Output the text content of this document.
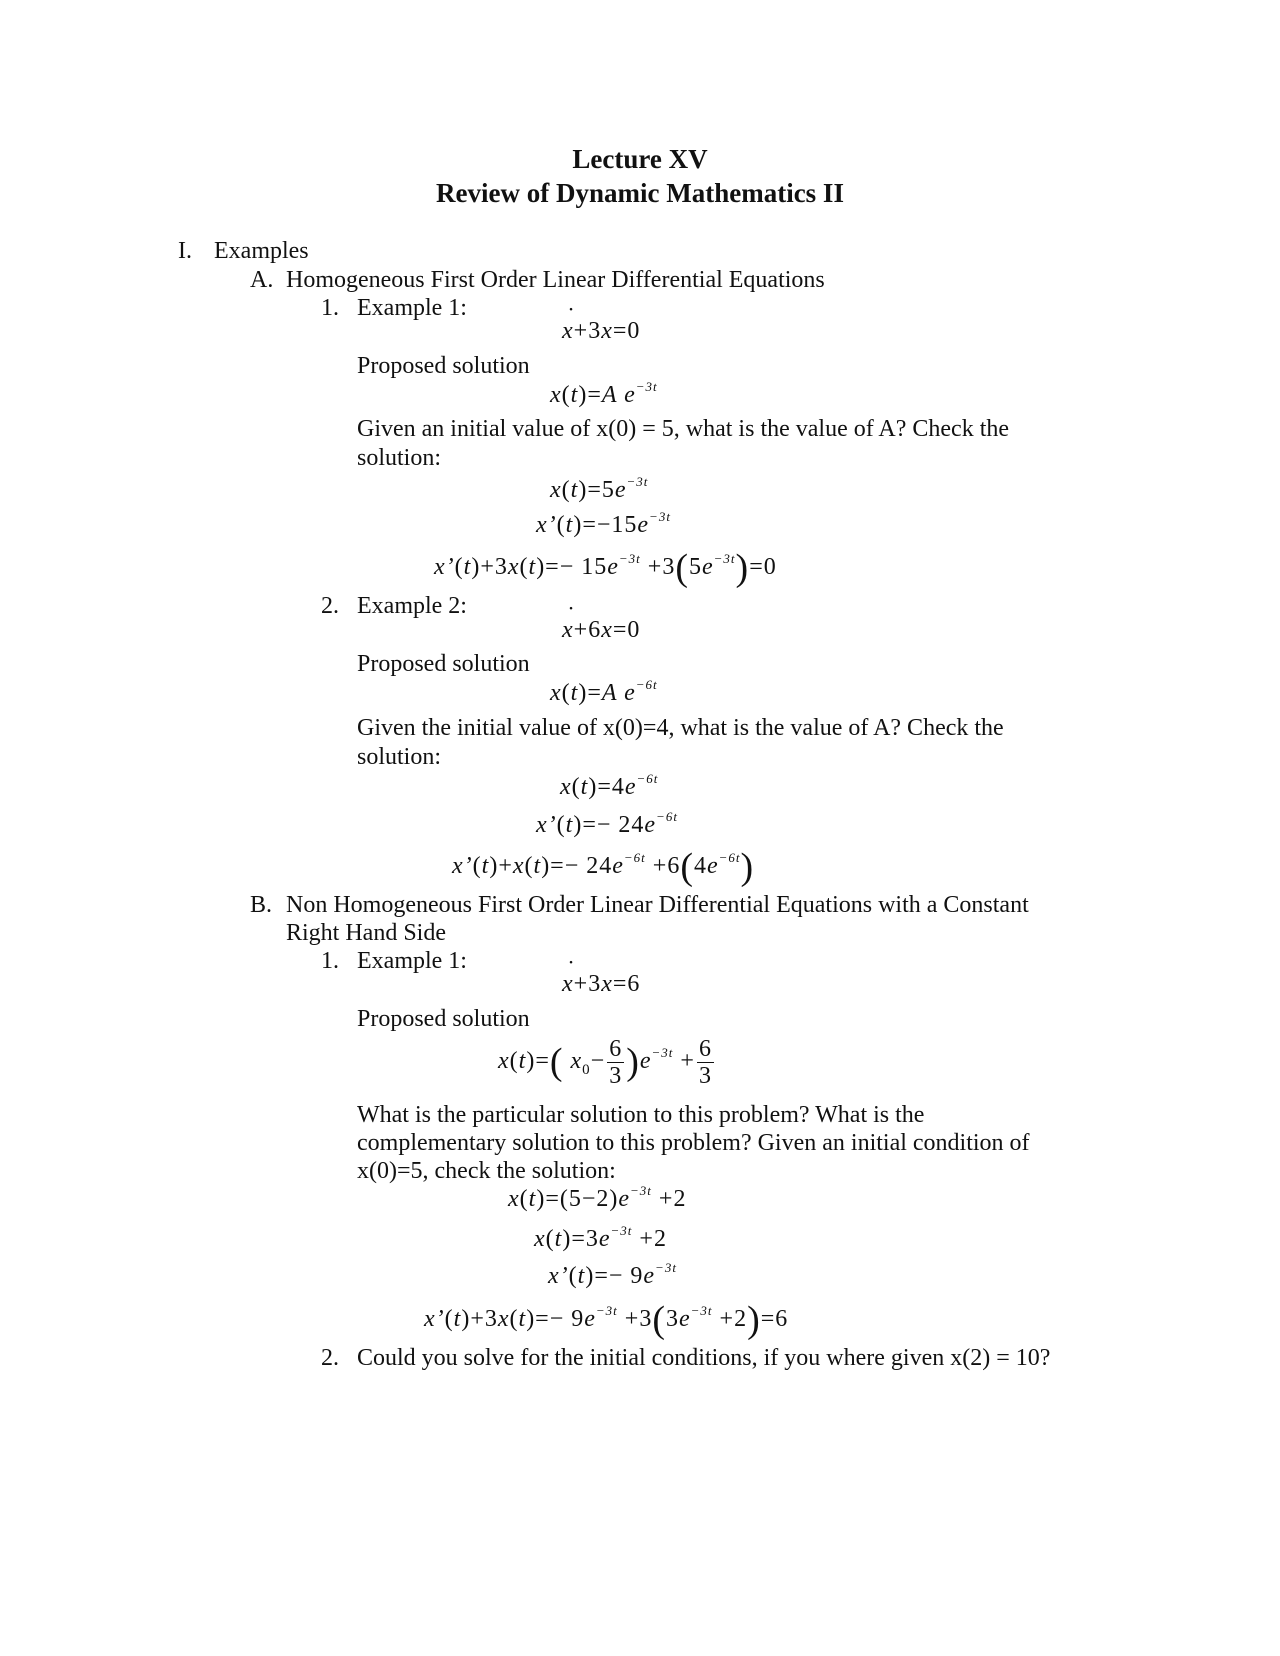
Lecture XV
Review of Dynamic Mathematics II
I. Examples
A. Homogeneous First Order Linear Differential Equations
1. Example 1:
˙ x+3x=0
Proposed solution
x(t)=A $e^{-3t}$
Given an initial value of x(0) = 5, what is the value of A? Check the
solution:
$x(t)=5e^{-3t}$
$x’(t)=-15e^{-3t}$
x’(t)+3x(t)=− $15e^{-3t} +3(5e^{-3t})=0$
2. Example 2:
˙ x+6x=0
Proposed solution
x(t)=A $e^{-6t}$
Given the initial value of x(0)=4, what is the value of A? Check the
solution:
$x(t)=4e^{-6t}$
x’(t)=− $24e^{-6t}$
x’(t)+x(t)=− $24e^{-6t} +6(4e^{-6t})$
B. Non Homogeneous First Order Linear Differential Equations with a Constant
Right Hand Side
1. Example 1:
˙ x+3x=6
Proposed solution
x(t)=( $x_0- \frac{6}{3} )e^{-3t} + \frac{6}{3}$
What is the particular solution to this problem? What is the
complementary solution to this problem? Given an initial condition of
x(0)=5, check the solution:
$x(t)=(5-2)e^{-3t} +2$
$x(t)=3e^{-3t} +2$
x’(t)=− $9e^{-3t}$
x’(t)+3x(t)=− $9e^{-3t} +3(3e^{-3t} +2)=6$
2. Could you solve for the initial conditions, if you where given x(2) = 10?
